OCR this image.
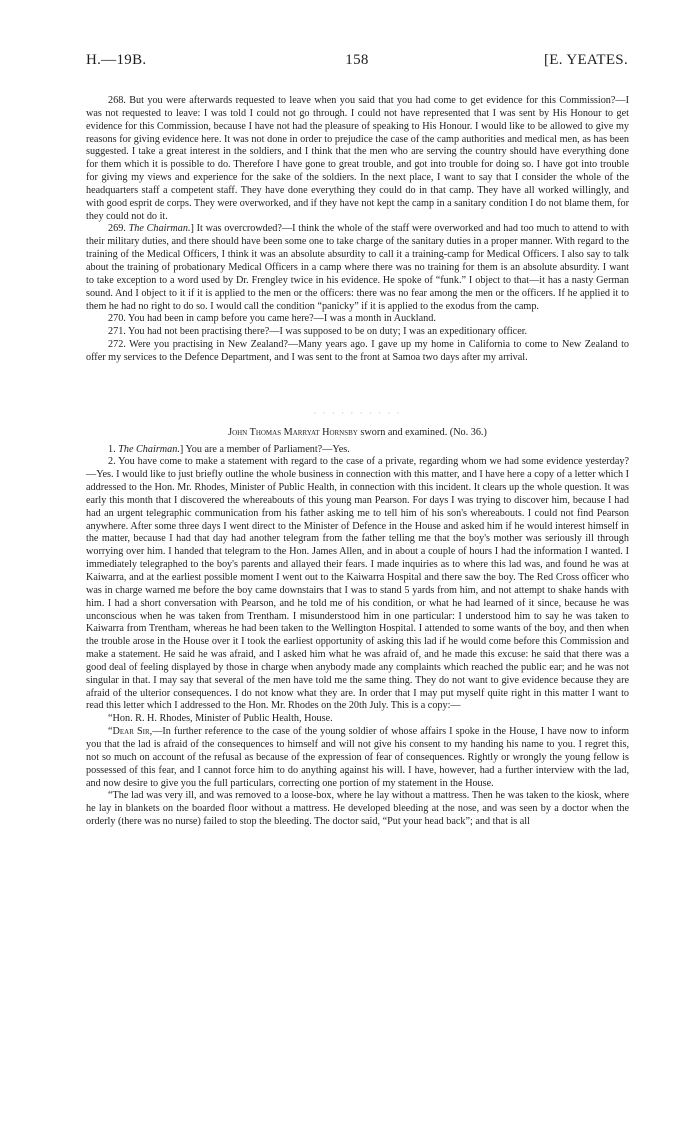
H.—19B.	158	[E. YEATES.

268. But you were afterwards requested to leave when you said that you had come to get evidence for this Commission?—I was not requested to leave: I was told I could not go through. I could not have represented that I was sent by His Honour to get evidence for this Commission, because I have not had the pleasure of speaking to His Honour. I would like to be allowed to give my reasons for giving evidence here. It was not done in order to prejudice the case of the camp authorities and medical men, as has been suggested. I take a great interest in the soldiers, and I think that the men who are serving the country should have everything done for them which it is possible to do. Therefore I have gone to great trouble, and got into trouble for doing so. I have got into trouble for giving my views and experience for the sake of the soldiers. In the next place, I want to say that I consider the whole of the headquarters staff a competent staff. They have done everything they could do in that camp. They have all worked willingly, and with good esprit de corps. They were overworked, and if they have not kept the camp in a sanitary condition I do not blame them, for they could not do it.

269. The Chairman.] It was overcrowded?—I think the whole of the staff were overworked and had too much to attend to with their military duties, and there should have been some one to take charge of the sanitary duties in a proper manner. With regard to the training of the Medical Officers, I think it was an absolute absurdity to call it a training-camp for Medical Officers. I also say to talk about the training of probationary Medical Officers in a camp where there was no training for them is an absolute absurdity. I want to take exception to a word used by Dr. Frengley twice in his evidence. He spoke of “funk.” I object to that—it has a nasty German sound. And I object to it if it is applied to the men or the officers: there was no fear among the men or the officers. If he applied it to them he had no right to do so. I would call the condition “panicky” if it is applied to the exodus from the camp.

270. You had been in camp before you came here?—I was a month in Auckland.

271. You had not been practising there?—I was supposed to be on duty; I was an expeditionary officer.

272. Were you practising in New Zealand?—Many years ago. I gave up my home in California to come to New Zealand to offer my services to the Defence Department, and I was sent to the front at Samoa two days after my arrival.

· · · · · · · · · ·

John Thomas Marryat Hornsby sworn and examined. (No. 36.)

1. The Chairman.] You are a member of Parliament?—Yes.

2. You have come to make a statement with regard to the case of a private, regarding whom we had some evidence yesterday?—Yes. I would like to just briefly outline the whole business in connection with this matter, and I have here a copy of a letter which I addressed to the Hon. Mr. Rhodes, Minister of Public Health, in connection with this incident. It clears up the whole question. It was early this month that I discovered the whereabouts of this young man Pearson. For days I was trying to discover him, because I had had an urgent telegraphic communication from his father asking me to tell him of his son's whereabouts. I could not find Pearson anywhere. After some three days I went direct to the Minister of Defence in the House and asked him if he would interest himself in the matter, because I had that day had another telegram from the father telling me that the boy's mother was seriously ill through worrying over him. I handed that telegram to the Hon. James Allen, and in about a couple of hours I had the information I wanted. I immediately telegraphed to the boy's parents and allayed their fears. I made inquiries as to where this lad was, and found he was at Kaiwarra, and at the earliest possible moment I went out to the Kaiwarra Hospital and there saw the boy. The Red Cross officer who was in charge warned me before the boy came downstairs that I was to stand 5 yards from him, and not attempt to shake hands with him. I had a short conversation with Pearson, and he told me of his condition, or what he had learned of it since, because he was unconscious when he was taken from Trentham. I misunderstood him in one particular: I understood him to say he was taken to Kaiwarra from Trentham, whereas he had been taken to the Wellington Hospital. I attended to some wants of the boy, and then when the trouble arose in the House over it I took the earliest opportunity of asking this lad if he would come before this Commission and make a statement. He said he was afraid, and I asked him what he was afraid of, and he made this excuse: he said that there was a good deal of feeling displayed by those in charge when anybody made any complaints which reached the public ear; and he was not singular in that. I may say that several of the men have told me the same thing. They do not want to give evidence because they are afraid of the ulterior consequences. I do not know what they are. In order that I may put myself quite right in this matter I want to read this letter which I addressed to the Hon. Mr. Rhodes on the 20th July. This is a copy:—

“Hon. R. H. Rhodes, Minister of Public Health, House.

“Dear Sir,—In further reference to the case of the young soldier of whose affairs I spoke in the House, I have now to inform you that the lad is afraid of the consequences to himself and will not give his consent to my handing his name to you. I regret this, not so much on account of the refusal as because of the expression of fear of consequences. Rightly or wrongly the young fellow is possessed of this fear, and I cannot force him to do anything against his will. I have, however, had a further interview with the lad, and now desire to give you the full particulars, correcting one portion of my statement in the House.

“The lad was very ill, and was removed to a loose-box, where he lay without a mattress. Then he was taken to the kiosk, where he lay in blankets on the boarded floor without a mattress. He developed bleeding at the nose, and was seen by a doctor when the orderly (there was no nurse) failed to stop the bleeding. The doctor said, “Put your head back”; and that is all
